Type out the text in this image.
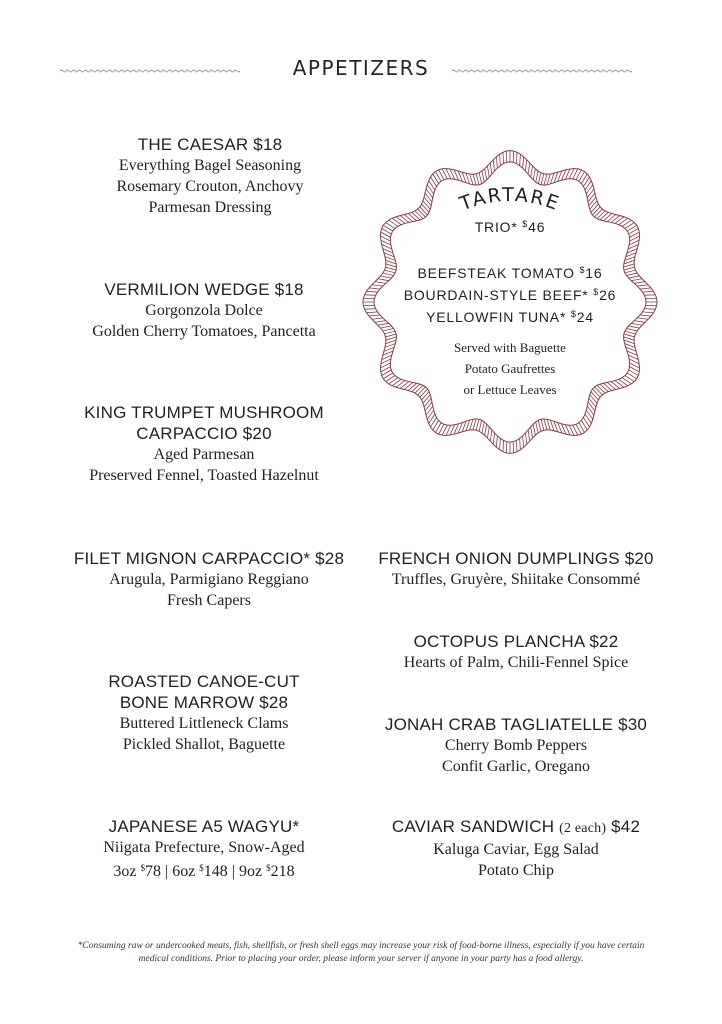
APPETIZERS
THE CAESAR $18
Everything Bagel Seasoning
Rosemary Crouton, Anchovy
Parmesan Dressing
VERMILION WEDGE $18
Gorgonzola Dolce
Golden Cherry Tomatoes, Pancetta
KING TRUMPET MUSHROOM
CARPACCIO $20
Aged Parmesan
Preserved Fennel, Toasted Hazelnut
TARTARE
TRIO* $46
BEEFSTEAK TOMATO $16
BOURDAIN-STYLE BEEF* $26
YELLOWFIN TUNA* $24
Served with Baguette
Potato Gaufrettes
or Lettuce Leaves
FILET MIGNON CARPACCIO* $28
Arugula, Parmigiano Reggiano
Fresh Capers
ROASTED CANOE-CUT
BONE MARROW $28
Buttered Littleneck Clams
Pickled Shallot, Baguette
JAPANESE A5 WAGYU*
Niigata Prefecture, Snow-Aged
3oz $78 | 6oz $148 | 9oz $218
FRENCH ONION DUMPLINGS $20
Truffles, Gruyère, Shiitake Consommé
OCTOPUS PLANCHA $22
Hearts of Palm, Chili-Fennel Spice
JONAH CRAB TAGLIATELLE $30
Cherry Bomb Peppers
Confit Garlic, Oregano
CAVIAR SANDWICH (2 each) $42
Kaluga Caviar, Egg Salad
Potato Chip
*Consuming raw or undercooked meats, fish, shellfish, or fresh shell eggs may increase your risk of food-borne illness, especially if you have certain
medical conditions. Prior to placing your order, please inform your server if anyone in your party has a food allergy.
